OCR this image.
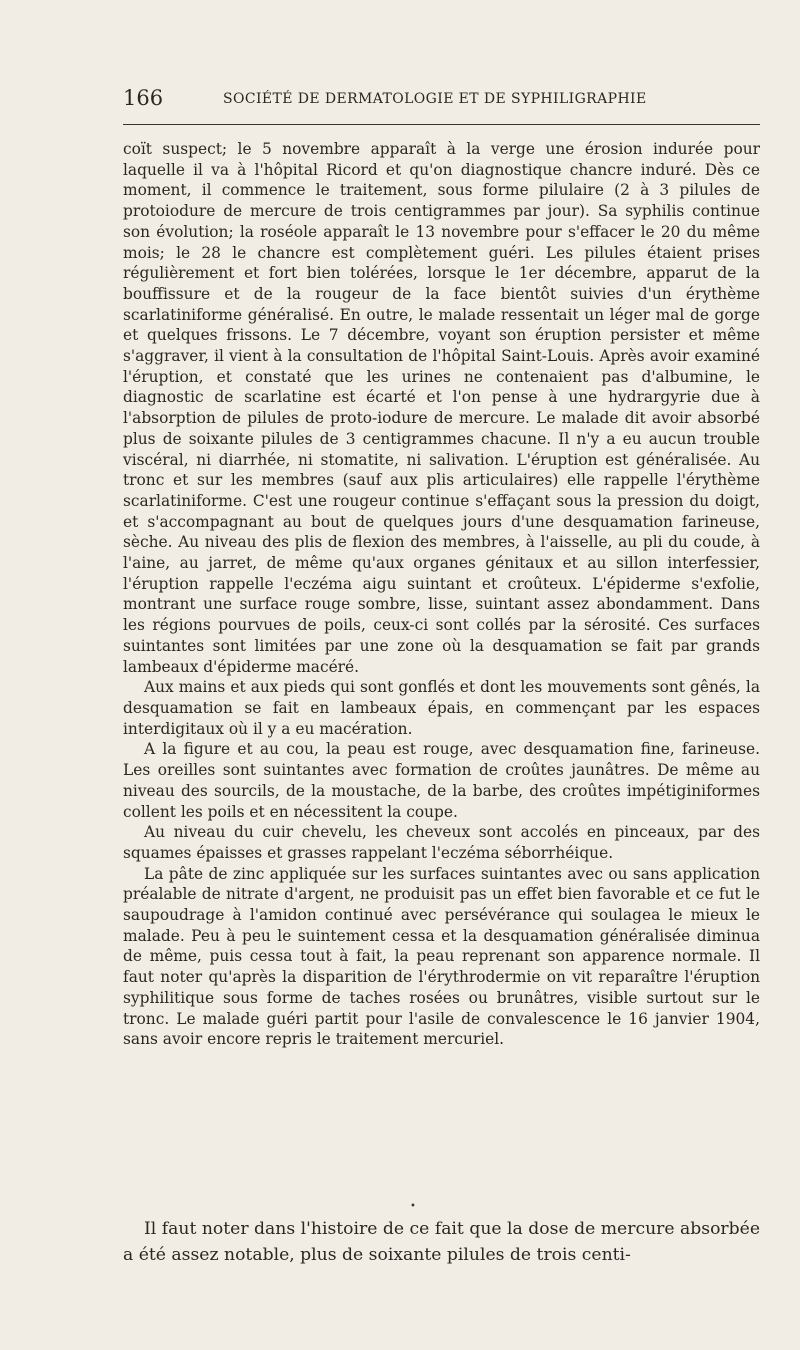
166	SOCIÉTÉ DE DERMATOLOGIE ET DE SYPHILIGRAPHIE

coït suspect; le 5 novembre apparaît à la verge une érosion indurée pour laquelle il va à l'hôpital Ricord et qu'on diagnostique chancre induré. Dès ce moment, il commence le traitement, sous forme pilulaire (2 à 3 pilules de protoiodure de mercure de trois centigrammes par jour). Sa syphilis continue son évolution; la roséole apparaît le 13 novembre pour s'effacer le 20 du même mois; le 28 le chancre est complètement guéri. Les pilules étaient prises régulièrement et fort bien tolérées, lorsque le 1er décembre, apparut de la bouffissure et de la rougeur de la face bientôt suivies d'un érythème scarlatiniforme généralisé. En outre, le malade ressentait un léger mal de gorge et quelques frissons. Le 7 décembre, voyant son éruption persister et même s'aggraver, il vient à la consultation de l'hôpital Saint-Louis. Après avoir examiné l'éruption, et constaté que les urines ne contenaient pas d'albumine, le diagnostic de scarlatine est écarté et l'on pense à une hydrargyrie due à l'absorption de pilules de proto-iodure de mercure. Le malade dit avoir absorbé plus de soixante pilules de 3 centigrammes chacune. Il n'y a eu aucun trouble viscéral, ni diarrhée, ni stomatite, ni salivation. L'éruption est généralisée. Au tronc et sur les membres (sauf aux plis articulaires) elle rappelle l'érythème scarlatiniforme. C'est une rougeur continue s'effaçant sous la pression du doigt, et s'accompagnant au bout de quelques jours d'une desquamation farineuse, sèche. Au niveau des plis de flexion des membres, à l'aisselle, au pli du coude, à l'aine, au jarret, de même qu'aux organes génitaux et au sillon interfessier, l'éruption rappelle l'eczéma aigu suintant et croûteux. L'épiderme s'exfolie, montrant une surface rouge sombre, lisse, suintant assez abondamment. Dans les régions pourvues de poils, ceux-ci sont collés par la sérosité. Ces surfaces suintantes sont limitées par une zone où la desquamation se fait par grands lambeaux d'épiderme macéré.

Aux mains et aux pieds qui sont gonflés et dont les mouvements sont gênés, la desquamation se fait en lambeaux épais, en commençant par les espaces interdigitaux où il y a eu macération.

A la figure et au cou, la peau est rouge, avec desquamation fine, farineuse. Les oreilles sont suintantes avec formation de croûtes jaunâtres. De même au niveau des sourcils, de la moustache, de la barbe, des croûtes impétiginiformes collent les poils et en nécessitent la coupe.

Au niveau du cuir chevelu, les cheveux sont accolés en pinceaux, par des squames épaisses et grasses rappelant l'eczéma séborrhéique.

La pâte de zinc appliquée sur les surfaces suintantes avec ou sans application préalable de nitrate d'argent, ne produisit pas un effet bien favorable et ce fut le saupoudrage à l'amidon continué avec persévérance qui soulagea le mieux le malade. Peu à peu le suintement cessa et la desquamation généralisée diminua de même, puis cessa tout à fait, la peau reprenant son apparence normale. Il faut noter qu'après la disparition de l'érythrodermie on vit reparaître l'éruption syphilitique sous forme de taches rosées ou brunâtres, visible surtout sur le tronc. Le malade guéri partit pour l'asile de convalescence le 16 janvier 1904, sans avoir encore repris le traitement mercuriel.

•

Il faut noter dans l'histoire de ce fait que la dose de mercure absorbée a été assez notable, plus de soixante pilules de trois centi-
